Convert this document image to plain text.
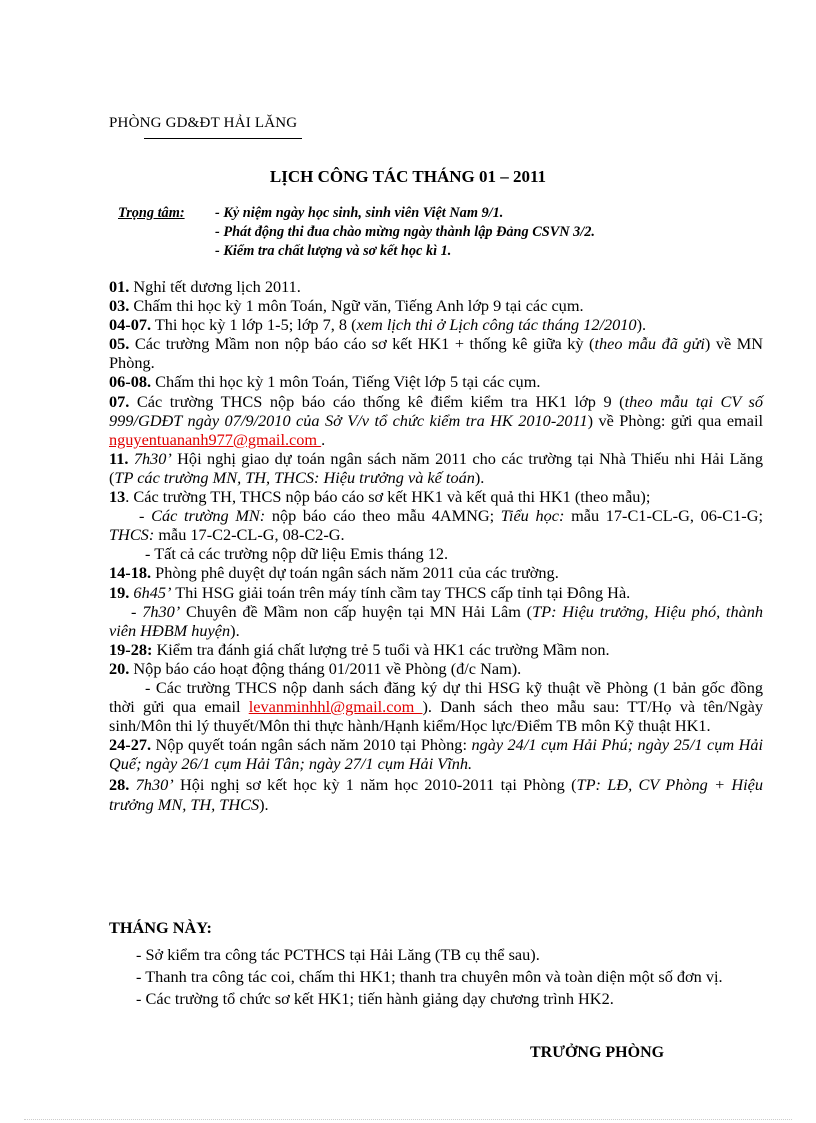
PHÒNG GD&ĐT HẢI LĂNG
LỊCH CÔNG TÁC THÁNG 01 – 2011
Trọng tâm: - Kỷ niệm ngày học sinh, sinh viên Việt Nam 9/1.
- Phát động thi đua chào mừng ngày thành lập Đảng CSVN 3/2.
- Kiểm tra chất lượng và sơ kết học kì 1.

01. Nghỉ tết dương lịch 2011.

03. Chấm thi học kỳ 1 môn Toán, Ngữ văn, Tiếng Anh lớp 9 tại các cụm.

04-07. Thi học kỳ 1 lớp 1-5; lớp 7, 8 (xem lịch thi ở Lịch công tác tháng 12/2010).

05. Các trường Mầm non nộp báo cáo sơ kết HK1 + thống kê giữa kỳ (theo mẫu đã gửi) về MN Phòng.

06-08. Chấm thi học kỳ 1 môn Toán, Tiếng Việt lớp 5 tại các cụm.

07. Các trường THCS nộp báo cáo thống kê điểm kiểm tra HK1 lớp 9 (theo mẫu tại CV số 999/GDĐT ngày 07/9/2010 của Sở V/v tổ chức kiểm tra HK 2010-2011) về Phòng: gửi qua email nguyentuananh977@gmail.com .

11. 7h30’ Hội nghị giao dự toán ngân sách năm 2011 cho các trường tại Nhà Thiếu nhi Hải Lăng (TP các trường MN, TH, THCS: Hiệu trưởng và kế toán).

13. Các trường TH, THCS nộp báo cáo sơ kết HK1 và kết quả thi HK1 (theo mẫu);

- Các trường MN: nộp báo cáo theo mẫu 4AMNG; Tiểu học: mẫu 17-C1-CL-G, 06-C1-G; THCS: mẫu 17-C2-CL-G, 08-C2-G.

- Tất cả các trường nộp dữ liệu Emis tháng 12.

14-18. Phòng phê duyệt dự toán ngân sách năm 2011 của các trường.

19. 6h45’ Thi HSG giải toán trên máy tính cầm tay THCS cấp tỉnh tại Đông Hà.

- 7h30’ Chuyên đề Mầm non cấp huyện tại MN Hải Lâm (TP: Hiệu trưởng, Hiệu phó, thành viên HĐBM huyện).

19-28: Kiểm tra đánh giá chất lượng trẻ 5 tuổi và HK1 các trường Mầm non.

20. Nộp báo cáo hoạt động tháng 01/2011 về Phòng (đ/c Nam).

- Các trường THCS nộp danh sách đăng ký dự thi HSG kỹ thuật về Phòng (1 bản gốc đồng thời gửi qua email levanminhhl@gmail.com ). Danh sách theo mẫu sau: TT/Họ và tên/Ngày sinh/Môn thi lý thuyết/Môn thi thực hành/Hạnh kiểm/Học lực/Điểm TB môn Kỹ thuật HK1.

24-27. Nộp quyết toán ngân sách năm 2010 tại Phòng: ngày 24/1 cụm Hải Phú; ngày 25/1 cụm Hải Quế; ngày 26/1 cụm Hải Tân; ngày 27/1 cụm Hải Vĩnh.

28. 7h30’ Hội nghị sơ kết học kỳ 1 năm học 2010-2011 tại Phòng (TP: LĐ, CV Phòng + Hiệu trưởng MN, TH, THCS).

THÁNG NÀY:

- Sở kiểm tra công tác PCTHCS tại Hải Lăng (TB cụ thể sau).

- Thanh tra công tác coi, chấm thi HK1; thanh tra chuyên môn và toàn diện một số đơn vị.

- Các trường tổ chức sơ kết HK1; tiến hành giảng dạy chương trình HK2.

TRƯỞNG PHÒNG
